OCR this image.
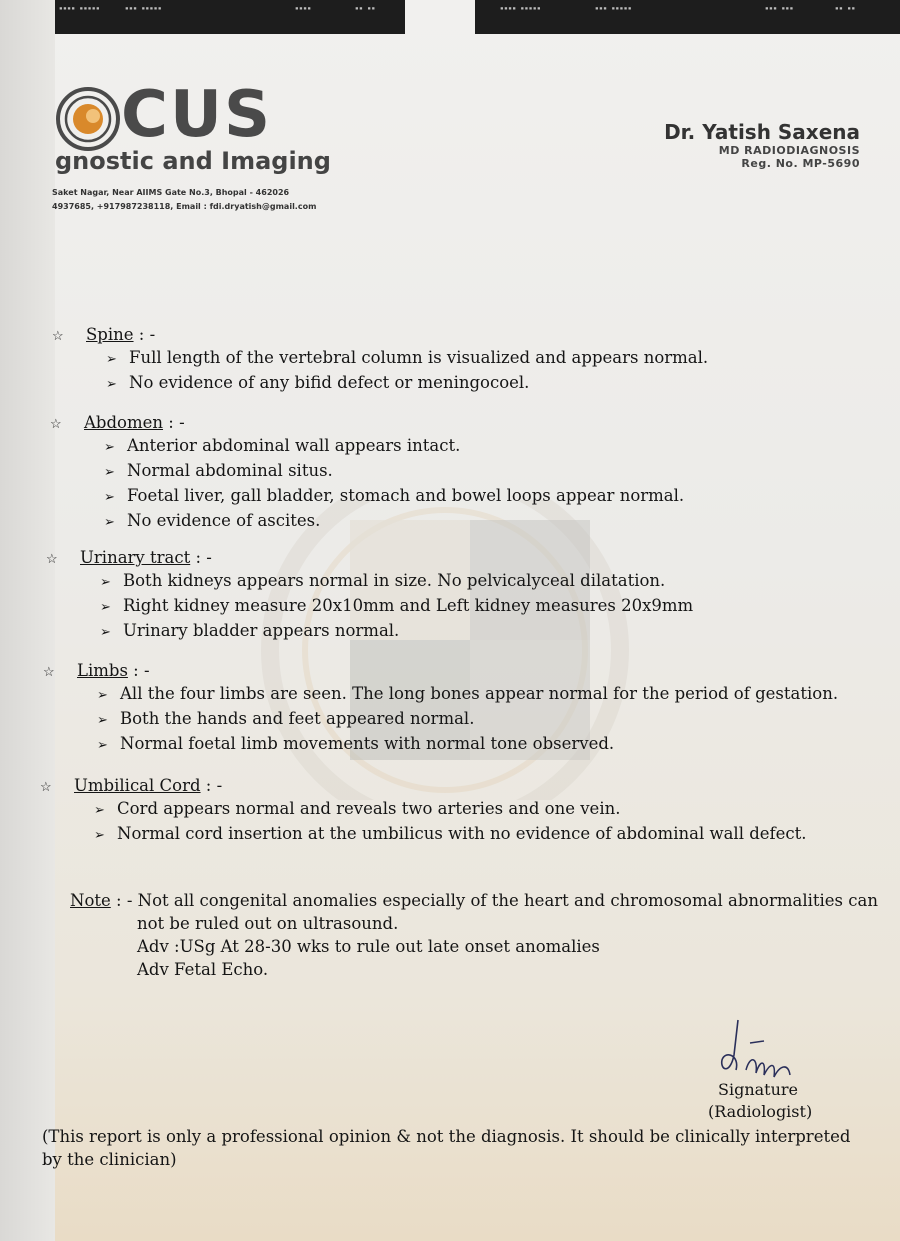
▪▪▪▪ ▪▪▪▪▪	▪▪▪ ▪▪▪▪▪	▪▪▪▪	▪▪ ▪▪	▪▪▪▪ ▪▪▪▪▪	▪▪▪ ▪▪▪▪▪	▪▪▪ ▪▪▪	▪▪ ▪▪
CUS
gnostic and Imaging
Saket Nagar, Near AIIMS Gate No.3, Bhopal - 462026
4937685, +917987238118, Email : fdi.dryatish@gmail.com
Dr. Yatish Saxena
MD RADIODIAGNOSIS
Reg. No. MP-5690
☆ Spine : -
➢ Full length of the vertebral column is visualized and appears normal.
➢ No evidence of any bifid defect or meningocoel.
☆ Abdomen : -
➢ Anterior abdominal wall appears intact.
➢ Normal abdominal situs.
➢ Foetal liver, gall bladder, stomach and bowel loops appear normal.
➢ No evidence of ascites.
☆ Urinary tract : -
➢ Both kidneys appears normal in size. No pelvicalyceal dilatation.
➢ Right kidney measure 20x10mm and Left kidney measures 20x9mm
➢ Urinary bladder appears normal.
☆ Limbs : -
➢ All the four limbs are seen. The long bones appear normal for the period of gestation.
➢ Both the hands and feet appeared normal.
➢ Normal foetal limb movements with normal tone observed.
☆ Umbilical Cord : -
➢ Cord appears normal and reveals two arteries and one vein.
➢ Normal cord insertion at the umbilicus with no evidence of abdominal wall defect.
Note : - Not all congenital anomalies especially of the heart and chromosomal abnormalities can
not be ruled out on ultrasound.
Adv :USg At 28-30 wks to rule out late onset anomalies
Adv Fetal Echo.
Signature
(Radiologist)
(This report is only a professional opinion & not the diagnosis. It should be clinically interpreted by the clinician)
